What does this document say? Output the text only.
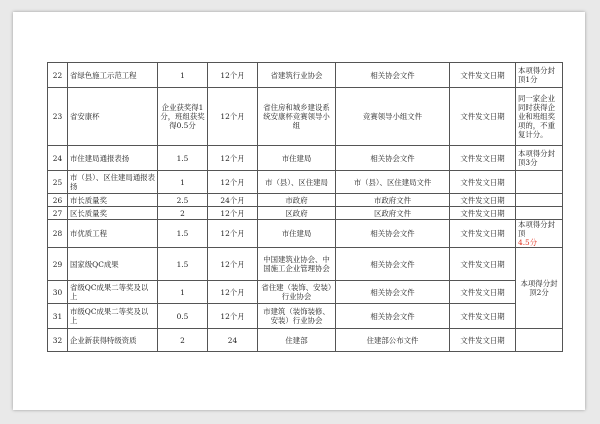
22	省绿色施工示范工程	1	12个月	省建筑行业协会	相关协会文件	文件发文日期	本项得分封顶1分
23	省安康杯	企业获奖得1分，班组获奖得0.5分	12个月	省住房和城乡建设系统安康杯竞赛领导小组	竞赛领导小组文件	文件发文日期	同一家企业同时获得企业和班组奖项的，不重复计分。
24	市住建局通报表扬	1.5	12个月	市住建局	相关协会文件	文件发文日期	本项得分封顶3分
25	市（县）、区住建局通报表扬	1	12个月	市（县）、区住建局	市（县）、区住建局文件	文件发文日期	
26	市长质量奖	2.5	24个月	市政府	市政府文件	文件发文日期	
27	区长质量奖	2	12个月	区政府	区政府文件	文件发文日期	
28	市优质工程	1.5	12个月	市住建局	相关协会文件	文件发文日期	本项得分封顶
4.5分
29	国家级QC成果	1.5	12个月	中国建筑业协会、中国施工企业管理协会	相关协会文件	文件发文日期	本项得分封顶2分
30	省级QC成果二等奖及以上	1	12个月	省住建（装饰、安装）行业协会	相关协会文件	文件发文日期	
31	市级QC成果二等奖及以上	0.5	12个月	市建筑（装饰装修、安装）行业协会	相关协会文件	文件发文日期	
32	企业新获得特级资质	2	24	住建部	住建部公布文件	文件发文日期	
